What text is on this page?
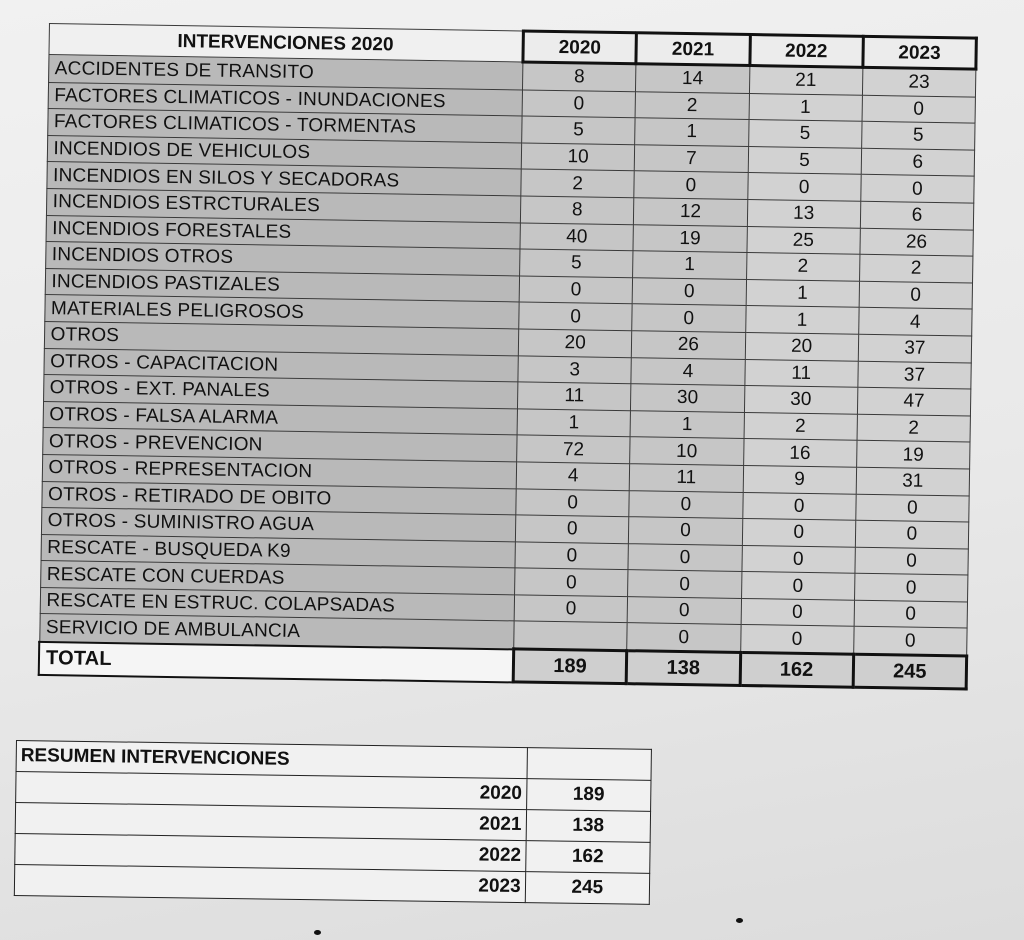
INTERVENCIONES 2020	2020	2021	2022	2023
ACCIDENTES DE TRANSITO	8	14	21	23
FACTORES CLIMATICOS - INUNDACIONES	0	2	1	0
FACTORES CLIMATICOS - TORMENTAS	5	1	5	5
INCENDIOS DE VEHICULOS	10	7	5	6
INCENDIOS EN SILOS Y SECADORAS	2	0	0	0
INCENDIOS ESTRCTURALES	8	12	13	6
INCENDIOS FORESTALES	40	19	25	26
INCENDIOS OTROS	5	1	2	2
INCENDIOS PASTIZALES	0	0	1	0
MATERIALES PELIGROSOS	0	0	1	4
OTROS	20	26	20	37
OTROS - CAPACITACION	3	4	11	37
OTROS - EXT. PANALES	11	30	30	47
OTROS - FALSA ALARMA	1	1	2	2
OTROS - PREVENCION	72	10	16	19
OTROS - REPRESENTACION	4	11	9	31
OTROS - RETIRADO DE OBITO	0	0	0	0
OTROS - SUMINISTRO AGUA	0	0	0	0
RESCATE - BUSQUEDA K9	0	0	0	0
RESCATE CON CUERDAS	0	0	0	0
RESCATE EN ESTRUC. COLAPSADAS	0	0	0	0
SERVICIO DE AMBULANCIA		0	0	0
TOTAL	189	138	162	245
RESUMEN INTERVENCIONES	
2020	189
2021	138
2022	162
2023	245
